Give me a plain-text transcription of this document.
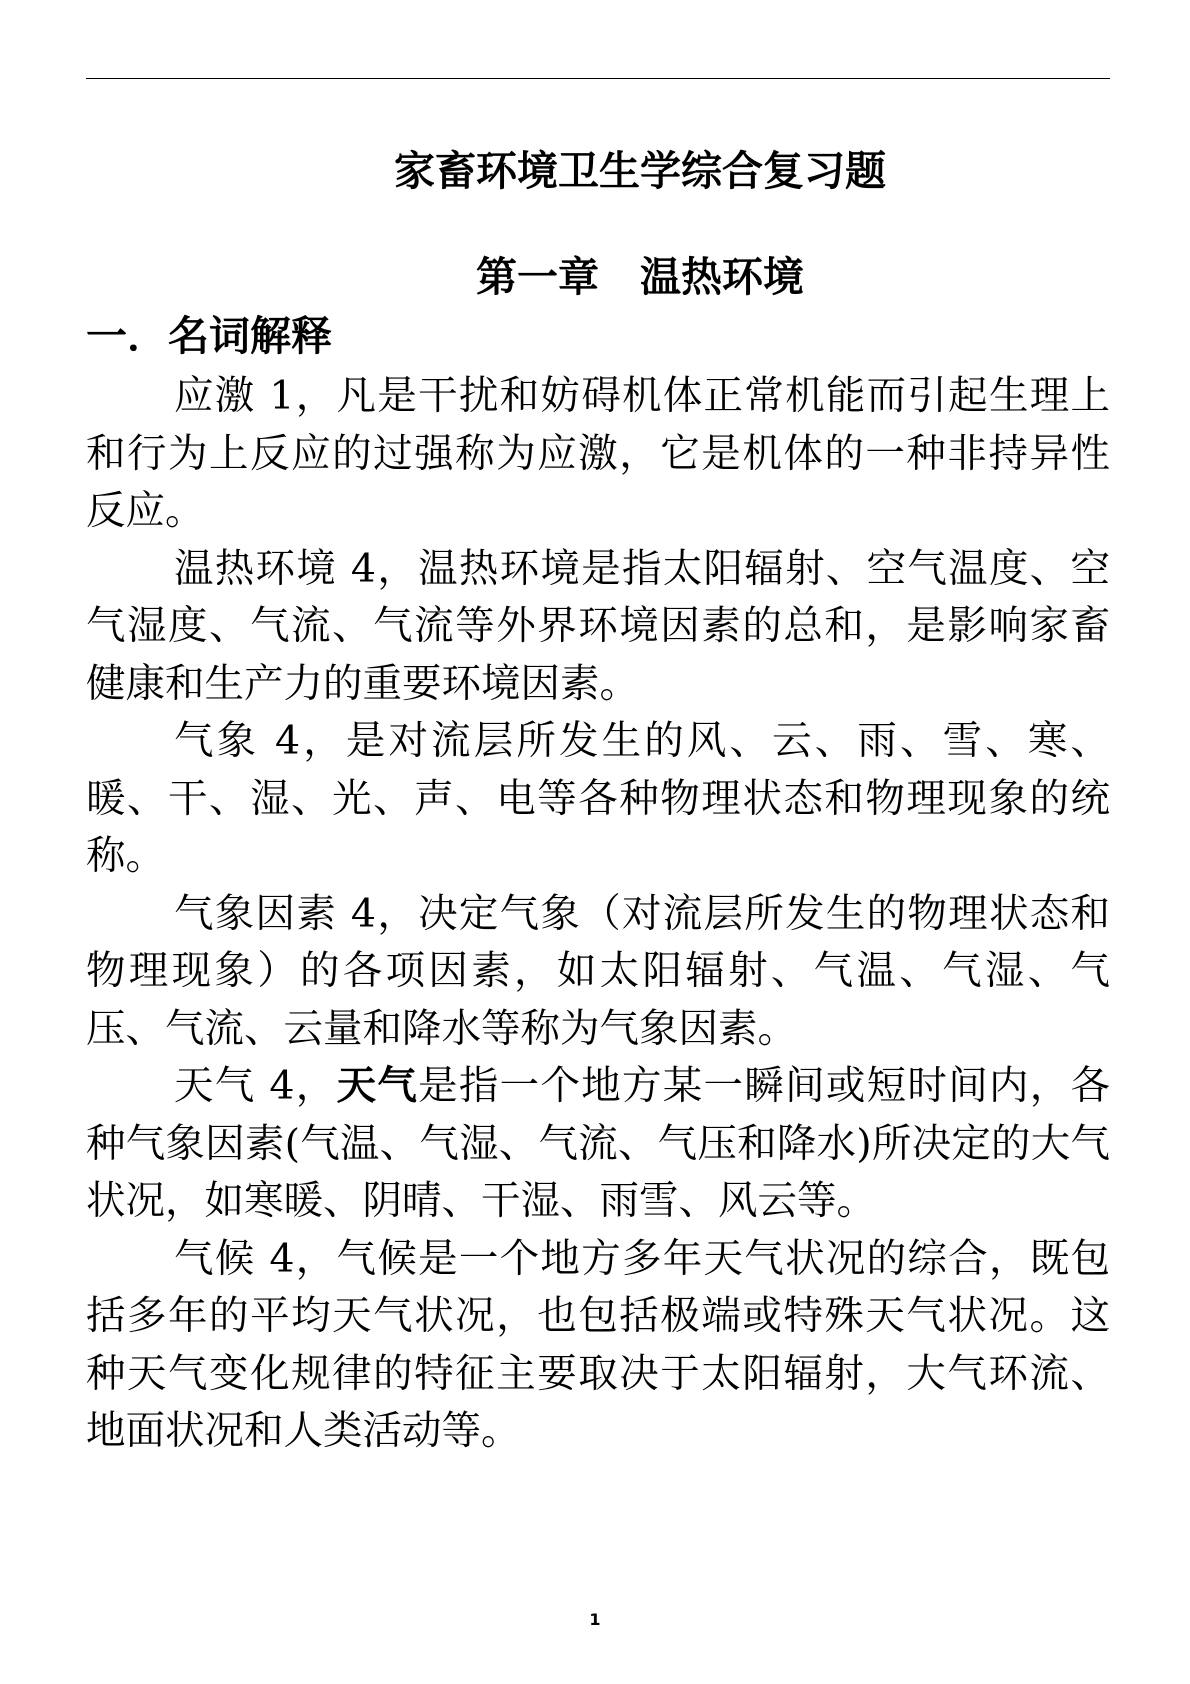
家畜环境卫生学综合复习题
第一章　温热环境
一．名词解释

应激 1，凡是干扰和妨碍机体正常机能而引起生理上和行为上反应的过强称为应激，它是机体的一种非持异性反应。

温热环境 4，温热环境是指太阳辐射、空气温度、空气湿度、气流、气流等外界环境因素的总和，是影响家畜健康和生产力的重要环境因素。

气象 4，是对流层所发生的风、云、雨、雪、寒、暖、干、湿、光、声、电等各种物理状态和物理现象的统称。

气象因素 4，决定气象（对流层所发生的物理状态和物理现象）的各项因素，如太阳辐射、气温、气湿、气压、气流、云量和降水等称为气象因素。

天气 4，天气是指一个地方某一瞬间或短时间内，各种气象因素(气温、气湿、气流、气压和降水)所决定的大气状况，如寒暖、阴晴、干湿、雨雪、风云等。

气候 4，气候是一个地方多年天气状况的综合，既包括多年的平均天气状况，也包括极端或特殊天气状况。这种天气变化规律的特征主要取决于太阳辐射，大气环流、地面状况和人类活动等。

1
